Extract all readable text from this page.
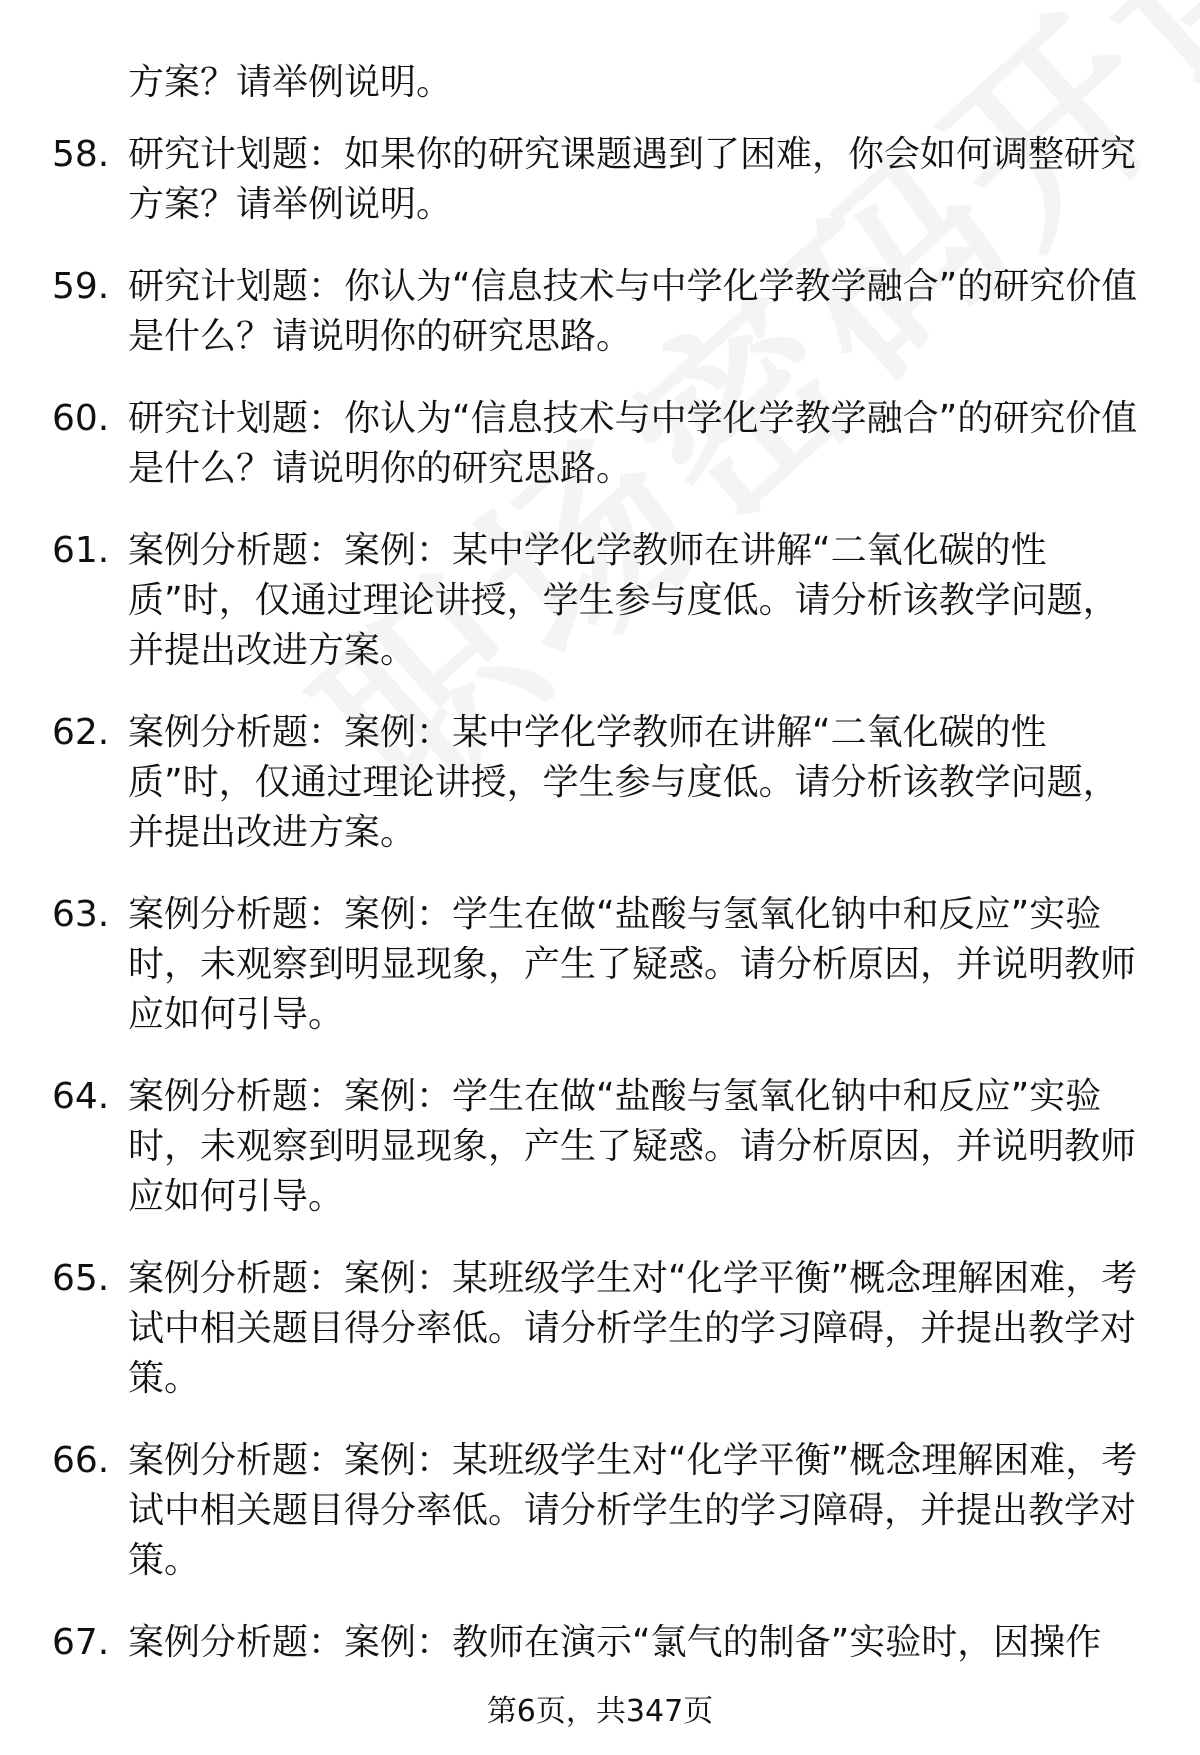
方案？请举例说明。
58. 研究计划题：如果你的研究课题遇到了困难，你会如何调整研究方案？请举例说明。
59. 研究计划题：你认为“信息技术与中学化学教学融合”的研究价值是什么？请说明你的研究思路。
60. 研究计划题：你认为“信息技术与中学化学教学融合”的研究价值是什么？请说明你的研究思路。
61. 案例分析题：案例：某中学化学教师在讲解“二氧化碳的性质”时，仅通过理论讲授，学生参与度低。请分析该教学问题，并提出改进方案。
62. 案例分析题：案例：某中学化学教师在讲解“二氧化碳的性质”时，仅通过理论讲授，学生参与度低。请分析该教学问题，并提出改进方案。
63. 案例分析题：案例：学生在做“盐酸与氢氧化钠中和反应”实验时，未观察到明显现象，产生了疑惑。请分析原因，并说明教师应如何引导。
64. 案例分析题：案例：学生在做“盐酸与氢氧化钠中和反应”实验时，未观察到明显现象，产生了疑惑。请分析原因，并说明教师应如何引导。
65. 案例分析题：案例：某班级学生对“化学平衡”概念理解困难，考试中相关题目得分率低。请分析学生的学习障碍，并提出教学对策。
66. 案例分析题：案例：某班级学生对“化学平衡”概念理解困难，考试中相关题目得分率低。请分析学生的学习障碍，并提出教学对策。
67. 案例分析题：案例：教师在演示“氯气的制备”实验时，因操作
第6页，共347页
